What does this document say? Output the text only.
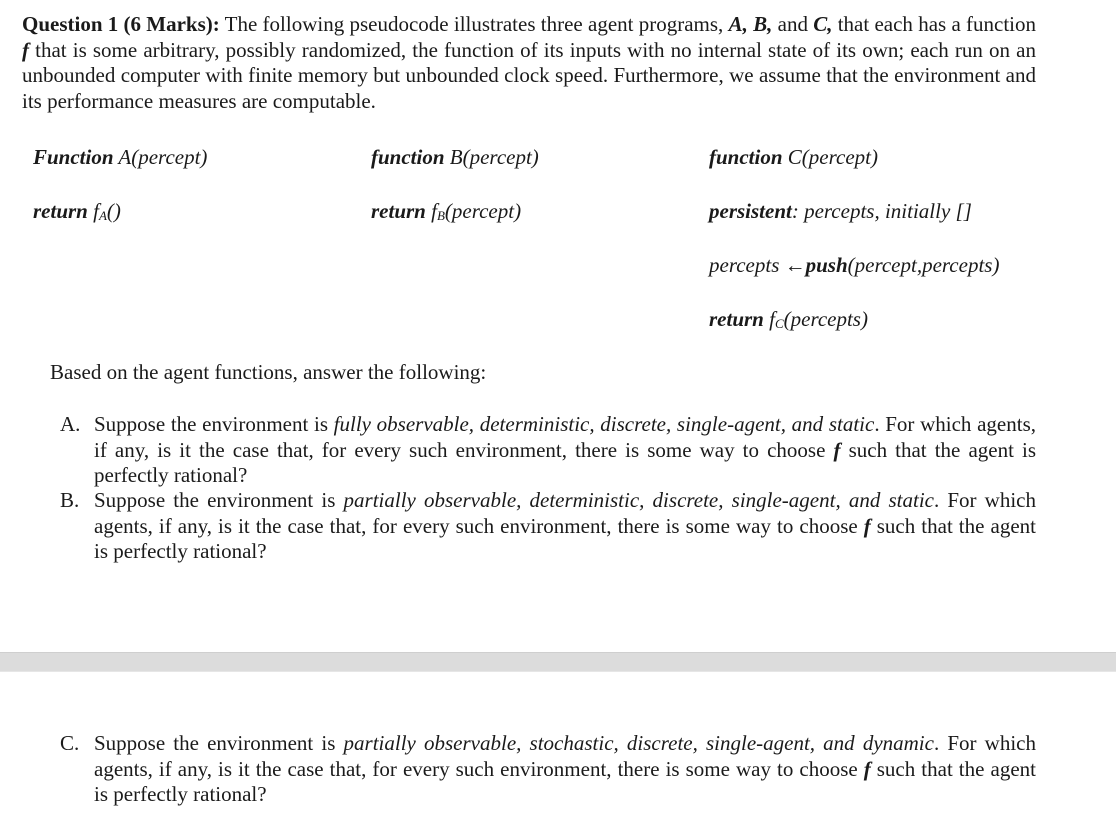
Question 1 (6 Marks): The following pseudocode illustrates three agent programs, A, B, and C, that each has a function f that is some arbitrary, possibly randomized, the function of its inputs with no internal state of its own; each run on an unbounded computer with finite memory but unbounded clock speed. Furthermore, we assume that the environment and its performance measures are computable.

Function A(percept)

return fA()

function B(percept)

return fB(percept)

function C(percept)

persistent: percepts, initially []

percepts ←push(percept,percepts)

return fC(percepts)

Based on the agent functions, answer the following:

A. Suppose the environment is fully observable, deterministic, discrete, single-agent, and static. For which agents, if any, is it the case that, for every such environment, there is some way to choose f such that the agent is perfectly rational?
B. Suppose the environment is partially observable, deterministic, discrete, single-agent, and static. For which agents, if any, is it the case that, for every such environment, there is some way to choose f such that the agent is perfectly rational?
C. Suppose the environment is partially observable, stochastic, discrete, single-agent, and dynamic. For which agents, if any, is it the case that, for every such environment, there is some way to choose f such that the agent is perfectly rational?
